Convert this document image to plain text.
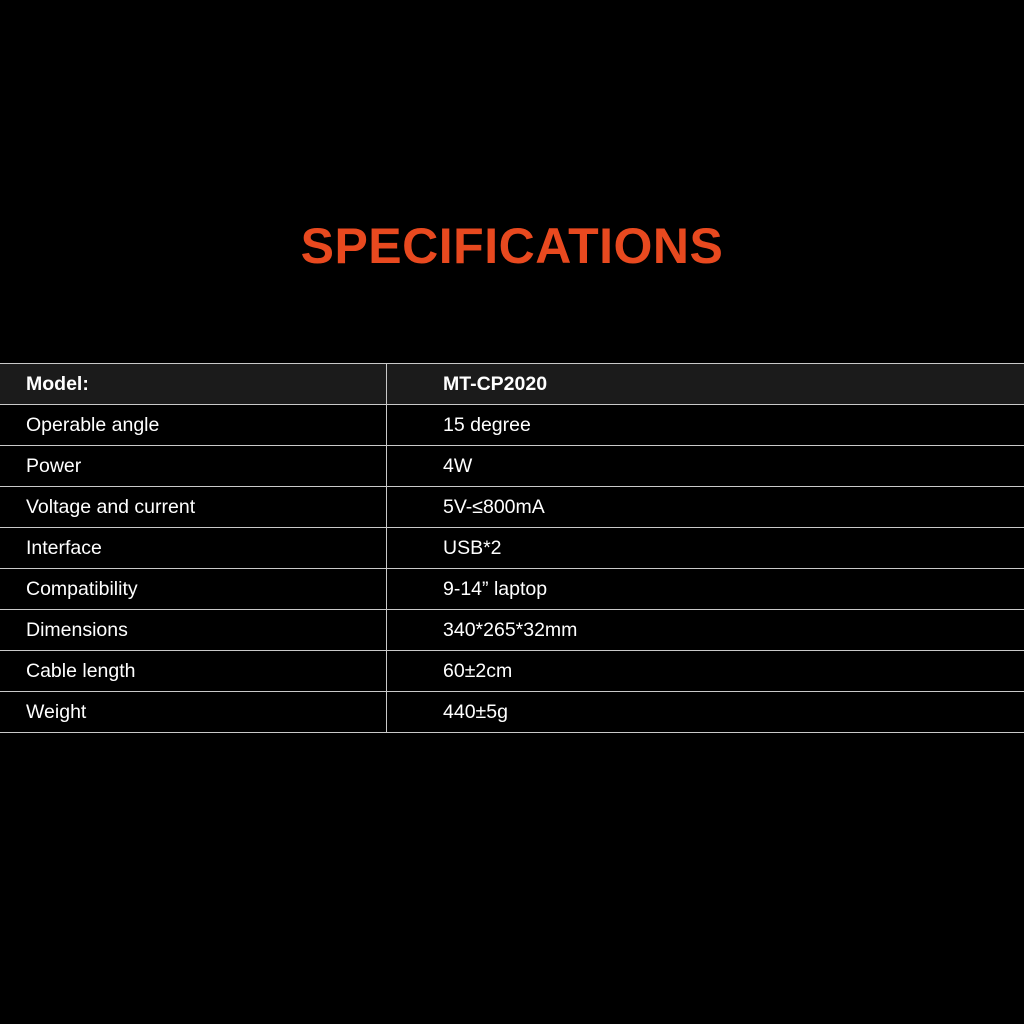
SPECIFICATIONS
Model:	MT-CP2020
Operable angle	15 degree
Power	4W
Voltage and current	5V-≤800mA
Interface	USB*2
Compatibility	9-14” laptop
Dimensions	340*265*32mm
Cable length	60±2cm
Weight	440±5g
